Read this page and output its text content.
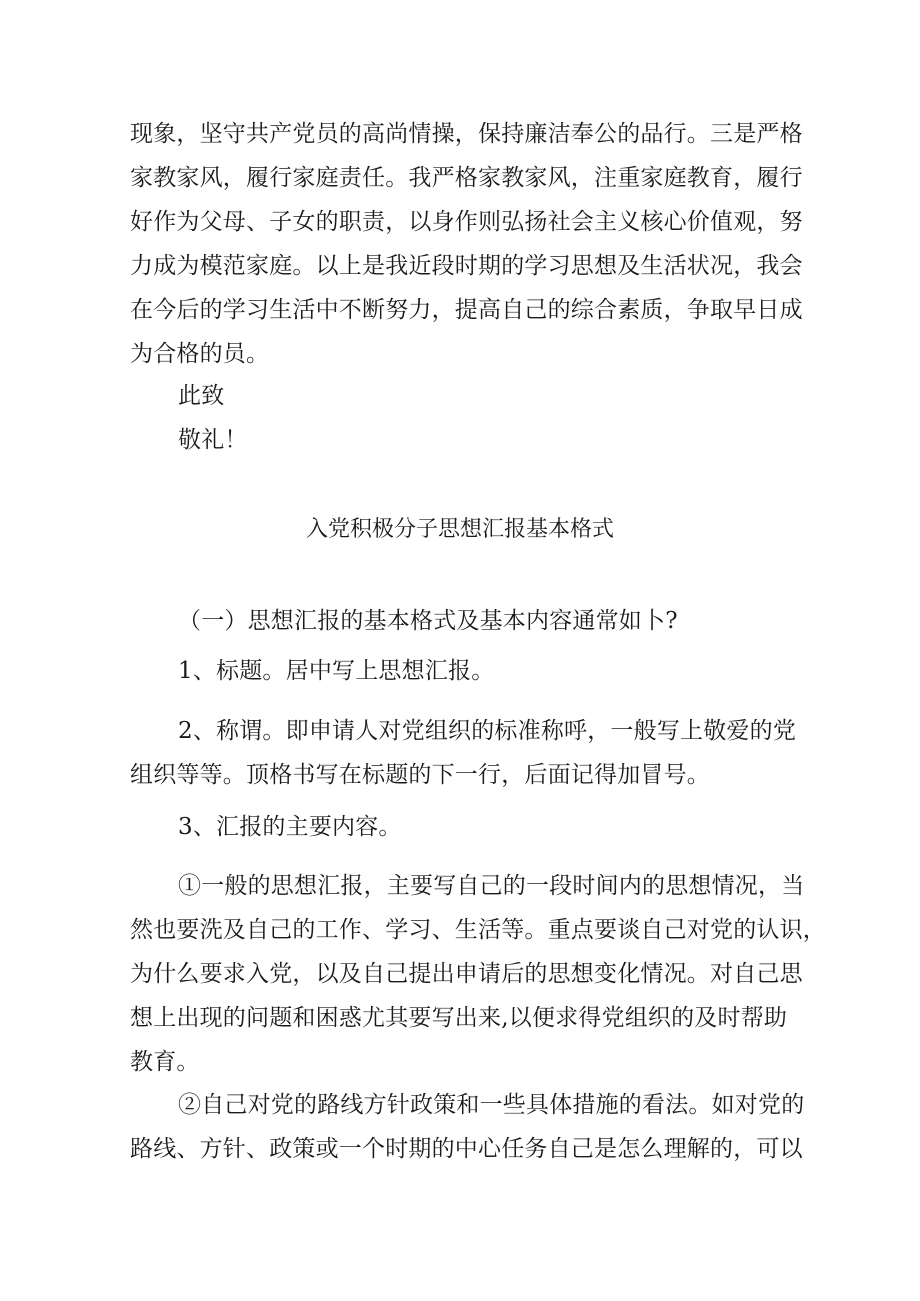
现象，坚守共产党员的高尚情操，保持廉洁奉公的品行。三是严格
家教家风，履行家庭责任。我严格家教家风，注重家庭教育，履行
好作为父母、子女的职责，以身作则弘扬社会主义核心价值观，努
力成为模范家庭。以上是我近段时期的学习思想及生活状况，我会
在今后的学习生活中不断努力，提高自己的综合素质，争取早日成
为合格的员。
此致
敬礼！
入党积极分子思想汇报基本格式
（一）思想汇报的基本格式及基本内容通常如卜?
1、标题。居中写上思想汇报。
2、称谓。即申请人对党组织的标准称呼，一般写上敬爱的党
组织等等。顶格书写在标题的下一行，后面记得加冒号。
3、汇报的主要内容。
①一般的思想汇报，主要写自己的一段时间内的思想情况，当
然也要洗及自己的工作、学习、生活等。重点要谈自己对党的认识，
为什么要求入党，以及自己提出申请后的思想变化情况。对自己思
想上出现的问题和困惑尤其要写出来,以便求得党组织的及时帮助
教育。
②自己对党的路线方针政策和一些具体措施的看法。如对党的
路线、方针、政策或一个时期的中心任务自己是怎么理解的，可以
